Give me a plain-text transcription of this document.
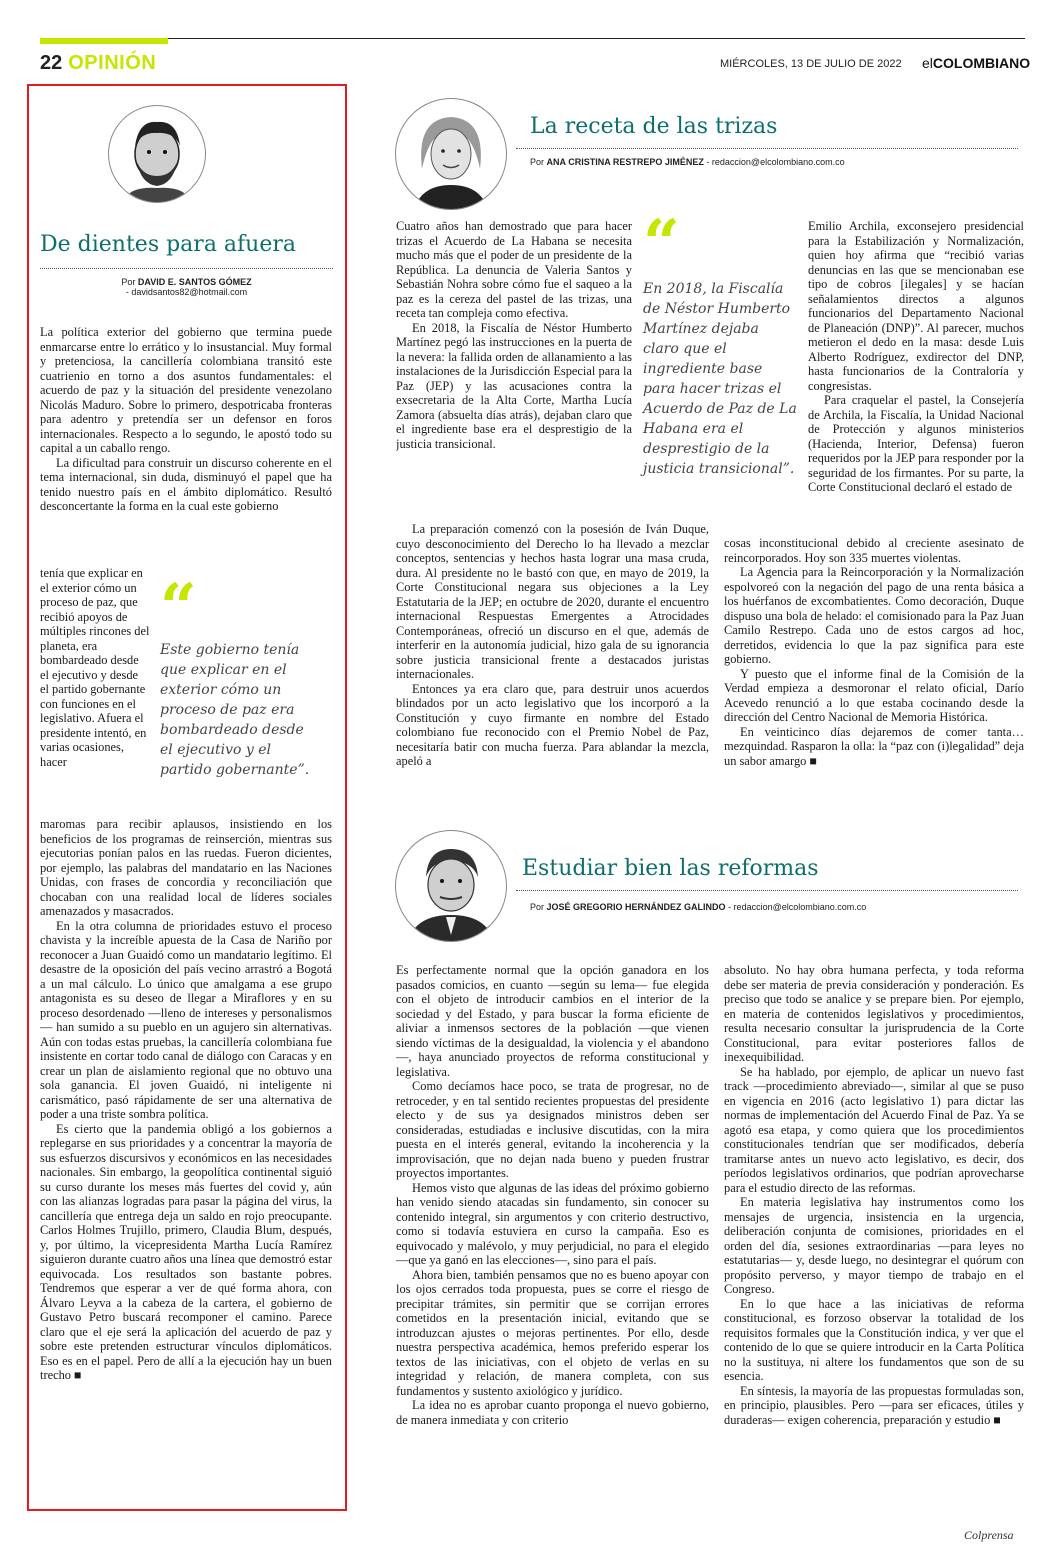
22 OPINIÓN	MIÉRCOLES, 13 DE JULIO DE 2022 elCOLOMBIANO
De dientes para afuera
Por DAVID E. SANTOS GÓMEZ
- davidsantos82@hotmail.com

La política exterior del gobierno que termina puede enmarcarse entre lo errático y lo insustancial. Muy formal y pretenciosa, la cancillería colombiana transitó este cuatrienio en torno a dos asuntos fundamentales: el acuerdo de paz y la situación del presidente venezolano Nicolás Maduro. Sobre lo primero, despotricaba fronteras para adentro y pretendía ser un defensor en foros internacionales. Respecto a lo segundo, le apostó todo su capital a un caballo rengo.

La dificultad para construir un discurso coherente en el tema internacional, sin duda, disminuyó el papel que ha tenido nuestro país en el ámbito diplomático. Resultó desconcertante la forma en la cual este gobierno

tenía que explicar en el exterior cómo un proceso de paz, que recibió apoyos de múltiples rincones del planeta, era bombardeado desde el ejecutivo y desde el partido gobernante con funciones en el legislativo. Afuera el presidente intentó, en varias ocasiones, hacer

“
Este gobierno tenía que explicar en el exterior cómo un proceso de paz era bombardeado desde el ejecutivo y el partido gobernante”.

maromas para recibir aplausos, insistiendo en los beneficios de los programas de reinserción, mientras sus ejecutorias ponían palos en las ruedas. Fueron dicientes, por ejemplo, las palabras del mandatario en las Naciones Unidas, con frases de concordia y reconciliación que chocaban con una realidad local de líderes sociales amenazados y masacrados.

En la otra columna de prioridades estuvo el proceso chavista y la increíble apuesta de la Casa de Nariño por reconocer a Juan Guaidó como un mandatario legítimo. El desastre de la oposición del país vecino arrastró a Bogotá a un mal cálculo. Lo único que amalgama a ese grupo antagonista es su deseo de llegar a Miraflores y en su proceso desordenado —lleno de intereses y personalismos— han sumido a su pueblo en un agujero sin alternativas. Aún con todas estas pruebas, la cancillería colombiana fue insistente en cortar todo canal de diálogo con Caracas y en crear un plan de aislamiento regional que no obtuvo una sola ganancia. El joven Guaidó, ni inteligente ni carismático, pasó rápidamente de ser una alternativa de poder a una triste sombra política.

Es cierto que la pandemia obligó a los gobiernos a replegarse en sus prioridades y a concentrar la mayoría de sus esfuerzos discursivos y económicos en las necesidades nacionales. Sin embargo, la geopolítica continental siguió su curso durante los meses más fuertes del covid y, aún con las alianzas logradas para pasar la página del virus, la cancillería que entrega deja un saldo en rojo preocupante. Carlos Holmes Trujillo, primero, Claudia Blum, después, y, por último, la vicepresidenta Martha Lucía Ramírez siguieron durante cuatro años una línea que demostró estar equivocada. Los resultados son bastante pobres. Tendremos que esperar a ver de qué forma ahora, con Álvaro Leyva a la cabeza de la cartera, el gobierno de Gustavo Petro buscará recomponer el camino. Parece claro que el eje será la aplicación del acuerdo de paz y sobre este pretenden estructurar vínculos diplomáticos. Eso es en el papel. Pero de allí a la ejecución hay un buen trecho ■

La receta de las trizas
Por ANA CRISTINA RESTREPO JIMÉNEZ - redaccion@elcolombiano.com.co

Cuatro años han demostrado que para hacer trizas el Acuerdo de La Habana se necesita mucho más que el poder de un presidente de la República. La denuncia de Valeria Santos y Sebastián Nohra sobre cómo fue el saqueo a la paz es la cereza del pastel de las trizas, una receta tan compleja como efectiva.

En 2018, la Fiscalía de Néstor Humberto Martínez pegó las instrucciones en la puerta de la nevera: la fallida orden de allanamiento a las instalaciones de la Jurisdicción Especial para la Paz (JEP) y las acusaciones contra la exsecretaria de la Alta Corte, Martha Lucía Zamora (absuelta días atrás), dejaban claro que el ingrediente base era el desprestigio de la justicia transicional.

“
En 2018, la Fiscalía de Néstor Humberto Martínez dejaba claro que el ingrediente base para hacer trizas el Acuerdo de Paz de La Habana era el desprestigio de la justicia transicional”.

La preparación comenzó con la posesión de Iván Duque, cuyo desconocimiento del Derecho lo ha llevado a mezclar conceptos, sentencias y hechos hasta lograr una masa cruda, dura. Al presidente no le bastó con que, en mayo de 2019, la Corte Constitucional negara sus objeciones a la Ley Estatutaria de la JEP; en octubre de 2020, durante el encuentro internacional Respuestas Emergentes a Atrocidades Contemporáneas, ofreció un discurso en el que, además de interferir en la autonomía judicial, hizo gala de su ignorancia sobre justicia transicional frente a destacados juristas internacionales.

Entonces ya era claro que, para destruir unos acuerdos blindados por un acto legislativo que los incorporó a la Constitución y cuyo firmante en nombre del Estado colombiano fue reconocido con el Premio Nobel de Paz, necesitaría batir con mucha fuerza. Para ablandar la mezcla, apeló a

Emilio Archila, exconsejero presidencial para la Estabilización y Normalización, quien hoy afirma que “recibió varias denuncias en las que se mencionaban ese tipo de cobros [ilegales] y se hacían señalamientos directos a algunos funcionarios del Departamento Nacional de Planeación (DNP)”. Al parecer, muchos metieron el dedo en la masa: desde Luis Alberto Rodríguez, exdirector del DNP, hasta funcionarios de la Contraloría y congresistas.

Para craquelar el pastel, la Consejería de Archila, la Fiscalía, la Unidad Nacional de Protección y algunos ministerios (Hacienda, Interior, Defensa) fueron requeridos por la JEP para responder por la seguridad de los firmantes. Por su parte, la Corte Constitucional declaró el estado de

cosas inconstitucional debido al creciente asesinato de reincorporados. Hoy son 335 muertes violentas.

La Agencia para la Reincorporación y la Normalización espolvoreó con la negación del pago de una renta básica a los huérfanos de excombatientes. Como decoración, Duque dispuso una bola de helado: el comisionado para la Paz Juan Camilo Restrepo. Cada uno de estos cargos ad hoc, derretidos, evidencia lo que la paz significa para este gobierno.

Y puesto que el informe final de la Comisión de la Verdad empieza a desmoronar el relato oficial, Darío Acevedo renunció a lo que estaba cocinando desde la dirección del Centro Nacional de Memoria Histórica.

En veinticinco días dejaremos de comer tanta… mezquindad. Rasparon la olla: la “paz con (i)legalidad” deja un sabor amargo ■

Estudiar bien las reformas
Por JOSÉ GREGORIO HERNÁNDEZ GALINDO - redaccion@elcolombiano.com.co

Es perfectamente normal que la opción ganadora en los pasados comicios, en cuanto —según su lema— fue elegida con el objeto de introducir cambios en el interior de la sociedad y del Estado, y para buscar la forma eficiente de aliviar a inmensos sectores de la población —que vienen siendo víctimas de la desigualdad, la violencia y el abandono—, haya anunciado proyectos de reforma constitucional y legislativa.

Como decíamos hace poco, se trata de progresar, no de retroceder, y en tal sentido recientes propuestas del presidente electo y de sus ya designados ministros deben ser consideradas, estudiadas e inclusive discutidas, con la mira puesta en el interés general, evitando la incoherencia y la improvisación, que no dejan nada bueno y pueden frustrar proyectos importantes.

Hemos visto que algunas de las ideas del próximo gobierno han venido siendo atacadas sin fundamento, sin conocer su contenido integral, sin argumentos y con criterio destructivo, como si todavía estuviera en curso la campaña. Eso es equivocado y malévolo, y muy perjudicial, no para el elegido —que ya ganó en las elecciones—, sino para el país.

Ahora bien, también pensamos que no es bueno apoyar con los ojos cerrados toda propuesta, pues se corre el riesgo de precipitar trámites, sin permitir que se corrijan errores cometidos en la presentación inicial, evitando que se introduzcan ajustes o mejoras pertinentes. Por ello, desde nuestra perspectiva académica, hemos preferido esperar los textos de las iniciativas, con el objeto de verlas en su integridad y relación, de manera completa, con sus fundamentos y sustento axiológico y jurídico.

La idea no es aprobar cuanto proponga el nuevo gobierno, de manera inmediata y con criterio

absoluto. No hay obra humana perfecta, y toda reforma debe ser materia de previa consideración y ponderación. Es preciso que todo se analice y se prepare bien. Por ejemplo, en materia de contenidos legislativos y procedimientos, resulta necesario consultar la jurisprudencia de la Corte Constitucional, para evitar posteriores fallos de inexequibilidad.

Se ha hablado, por ejemplo, de aplicar un nuevo fast track —procedimiento abreviado—, similar al que se puso en vigencia en 2016 (acto legislativo 1) para dictar las normas de implementación del Acuerdo Final de Paz. Ya se agotó esa etapa, y como quiera que los procedimientos constitucionales tendrían que ser modificados, debería tramitarse antes un nuevo acto legislativo, es decir, dos períodos legislativos ordinarios, que podrían aprovecharse para el estudio directo de las reformas.

En materia legislativa hay instrumentos como los mensajes de urgencia, insistencia en la urgencia, deliberación conjunta de comisiones, prioridades en el orden del día, sesiones extraordinarias —para leyes no estatutarias— y, desde luego, no desintegrar el quórum con propósito perverso, y mayor tiempo de trabajo en el Congreso.

En lo que hace a las iniciativas de reforma constitucional, es forzoso observar la totalidad de los requisitos formales que la Constitución indica, y ver que el contenido de lo que se quiere introducir en la Carta Política no la sustituya, ni altere los fundamentos que son de su esencia.

En síntesis, la mayoría de las propuestas formuladas son, en principio, plausibles. Pero —para ser eficaces, útiles y duraderas— exigen coherencia, preparación y estudio ■

Colprensa
